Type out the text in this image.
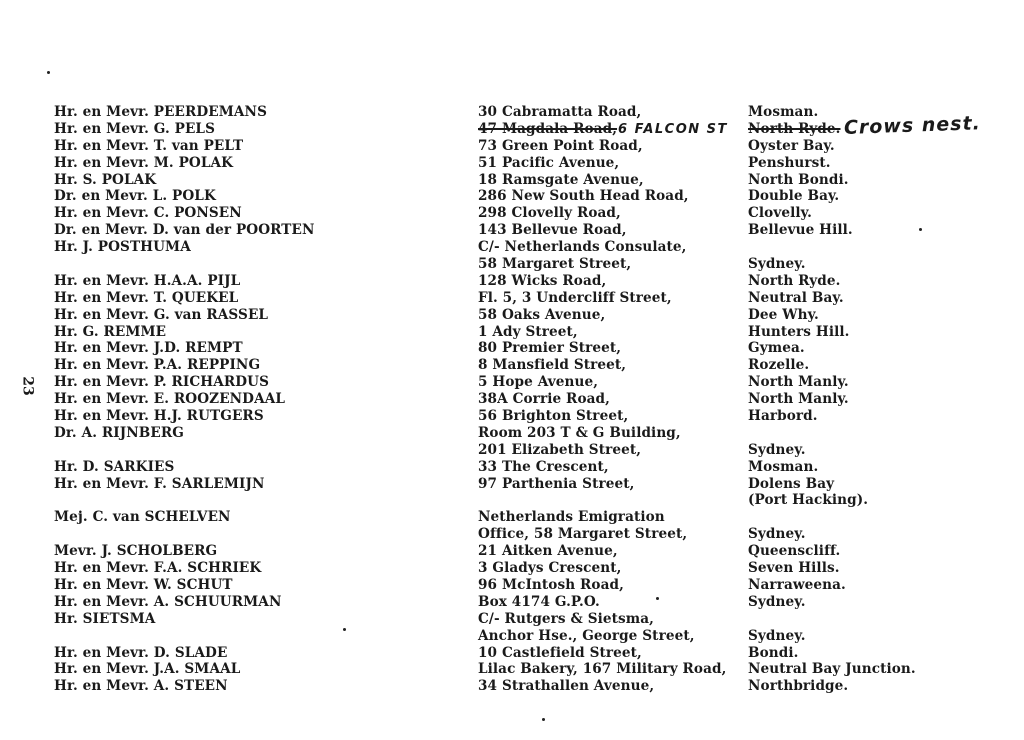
23
Hr. en Mevr. PEERDEMANS
Hr. en Mevr. G. PELS
Hr. en Mevr. T. van PELT
Hr. en Mevr. M. POLAK
Hr. S. POLAK
Dr. en Mevr. L. POLK
Hr. en Mevr. C. PONSEN
Dr. en Mevr. D. van der POORTEN
Hr. J. POSTHUMA
Hr. en Mevr. H.A.A. PIJL
Hr. en Mevr. T. QUEKEL
Hr. en Mevr. G. van RASSEL
Hr. G. REMME
Hr. en Mevr. J.D. REMPT
Hr. en Mevr. P.A. REPPING
Hr. en Mevr. P. RICHARDUS
Hr. en Mevr. E. ROOZENDAAL
Hr. en Mevr. H.J. RUTGERS
Dr. A. RIJNBERG
Hr. D. SARKIES
Hr. en Mevr. F. SARLEMIJN
Mej. C. van SCHELVEN
Mevr. J. SCHOLBERG
Hr. en Mevr. F.A. SCHRIEK
Hr. en Mevr. W. SCHUT
Hr. en Mevr. A. SCHUURMAN
Hr. SIETSMA
Hr. en Mevr. D. SLADE
Hr. en Mevr. J.A. SMAAL
Hr. en Mevr. A. STEEN
30 Cabramatta Road,
47 Magdala Road,6 FALCON ST
73 Green Point Road,
51 Pacific Avenue,
18 Ramsgate Avenue,
286 New South Head Road,
298 Clovelly Road,
143 Bellevue Road,
C/- Netherlands Consulate,
58 Margaret Street,
128 Wicks Road,
Fl. 5, 3 Undercliff Street,
58 Oaks Avenue,
1 Ady Street,
80 Premier Street,
8 Mansfield Street,
5 Hope Avenue,
38A Corrie Road,
56 Brighton Street,
Room 203 T & G Building,
201 Elizabeth Street,
33 The Crescent,
97 Parthenia Street,
Netherlands Emigration
Office, 58 Margaret Street,
21 Aitken Avenue,
3 Gladys Crescent,
96 McIntosh Road,
Box 4174 G.P.O.
C/- Rutgers & Sietsma,
Anchor Hse., George Street,
10 Castlefield Street,
Lilac Bakery, 167 Military Road,
34 Strathallen Avenue,
Mosman.
North Ryde.
Oyster Bay.
Penshurst.
North Bondi.
Double Bay.
Clovelly.
Bellevue Hill.
Sydney.
North Ryde.
Neutral Bay.
Dee Why.
Hunters Hill.
Gymea.
Rozelle.
North Manly.
North Manly.
Harbord.
Sydney.
Mosman.
Dolens Bay
(Port Hacking).
Sydney.
Queenscliff.
Seven Hills.
Narraweena.
Sydney.
Sydney.
Bondi.
Neutral Bay Junction.
Northbridge.
Crows nest.
